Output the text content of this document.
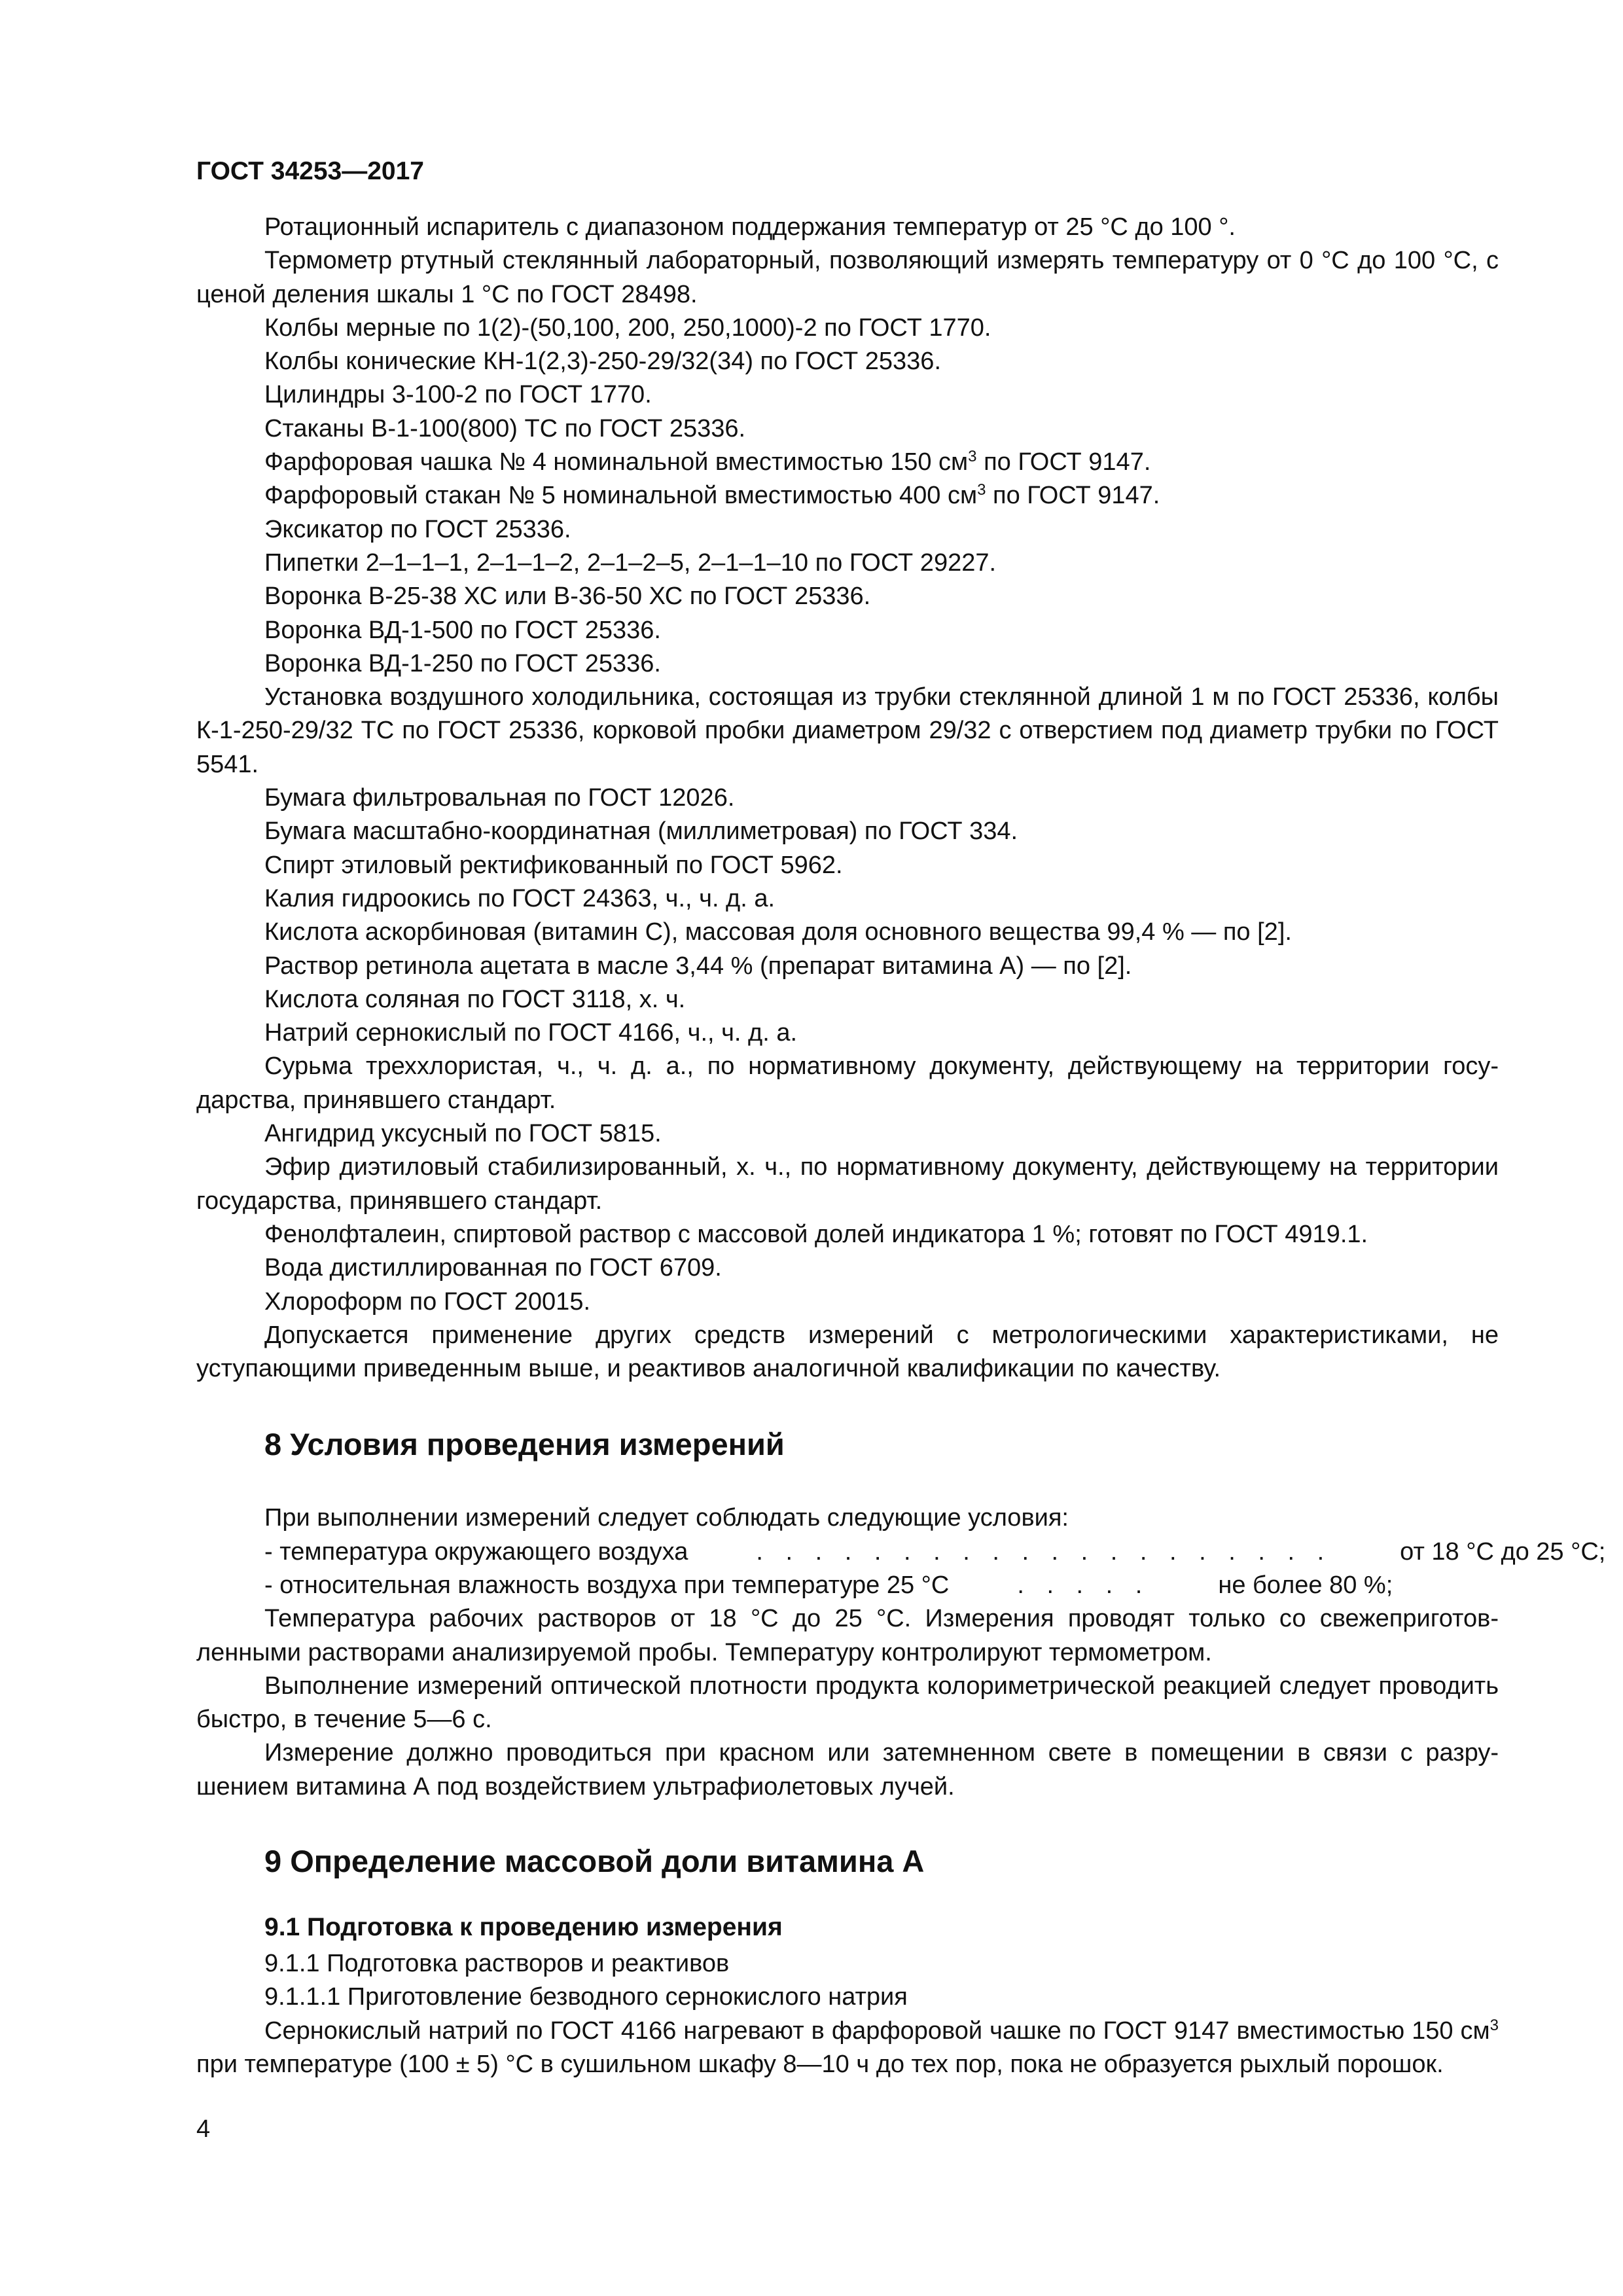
ГОСТ 34253—2017

Ротационный испаритель с диапазоном поддержания температур от 25 °С до 100 °.

Термометр ртутный стеклянный лабораторный, позволяющий измерять температуру от 0 °С до 100 °С, с ценой деления шкалы 1 °С по ГОСТ 28498.

Колбы мерные по 1(2)-(50,100, 200, 250,1000)-2 по ГОСТ 1770.

Колбы конические КН-1(2,3)-250-29/32(34) по ГОСТ 25336.

Цилиндры 3-100-2 по ГОСТ 1770.

Стаканы В-1-100(800) ТС по ГОСТ 25336.

Фарфоровая чашка № 4 номинальной вместимостью 150 $см^3$ по ГОСТ 9147.

Фарфоровый стакан № 5 номинальной вместимостью 400 $см^3$ по ГОСТ 9147.

Эксикатор по ГОСТ 25336.

Пипетки 2–1–1–1, 2–1–1–2, 2–1–2–5, 2–1–1–10 по ГОСТ 29227.

Воронка В-25-38 ХС или В-36-50 ХС по ГОСТ 25336.

Воронка ВД-1-500 по ГОСТ 25336.

Воронка ВД-1-250 по ГОСТ 25336.

Установка воздушного холодильника, состоящая из трубки стеклянной длиной 1 м по ГОСТ 25336, колбы К-1-250-29/32 ТС по ГОСТ 25336, корковой пробки диаметром 29/32 с отверстием под диаметр трубки по ГОСТ 5541.

Бумага фильтровальная по ГОСТ 12026.

Бумага масштабно-координатная (миллиметровая) по ГОСТ 334.

Спирт этиловый ректификованный по ГОСТ 5962.

Калия гидроокись по ГОСТ 24363, ч., ч. д. а.

Кислота аскорбиновая (витамин С), массовая доля основного вещества 99,4 % — по [2].

Раствор ретинола ацетата в масле 3,44 % (препарат витамина А) — по [2].

Кислота соляная по ГОСТ 3118, х. ч.

Натрий сернокислый по ГОСТ 4166, ч., ч. д. а.

Сурьма треххлористая, ч., ч. д. а., по нормативному документу, действующему на территории государства, принявшего стандарт.

Ангидрид уксусный по ГОСТ 5815.

Эфир диэтиловый стабилизированный, х. ч., по нормативному документу, действующему на территории государства, принявшего стандарт.

Фенолфталеин, спиртовой раствор с массовой долей индикатора 1 %; готовят по ГОСТ 4919.1.

Вода дистиллированная по ГОСТ 6709.

Хлороформ по ГОСТ 20015.

Допускается применение других средств измерений с метрологическими характеристиками, не уступающими приведенным выше, и реактивов аналогичной квалификации по качеству.

8 Условия проведения измерений

При выполнении измерений следует соблюдать следующие условия:

- температура окружающего воздуха	. . . . . . . . . . . . . . . . . . . .	от 18 °С до 25 °С;

- относительная влажность воздуха при температуре 25 °С	. . . . .	не более 80 %;

Температура рабочих растворов от 18 °С до 25 °С. Измерения проводят только со свежеприготовленными растворами анализируемой пробы. Температуру контролируют термометром.

Выполнение измерений оптической плотности продукта колориметрической реакцией следует проводить быстро, в течение 5—6 с.

Измерение должно проводиться при красном или затемненном свете в помещении в связи с разрушением витамина А под воздействием ультрафиолетовых лучей.

9 Определение массовой доли витамина А
9.1 Подготовка к проведению измерения

9.1.1 Подготовка растворов и реактивов

9.1.1.1 Приготовление безводного сернокислого натрия

Сернокислый натрий по ГОСТ 4166 нагревают в фарфоровой чашке по ГОСТ 9147 вместимостью 150 $см^3$ при температуре (100 ± 5) °С в сушильном шкафу 8—10 ч до тех пор, пока не образуется рыхлый порошок.

4
